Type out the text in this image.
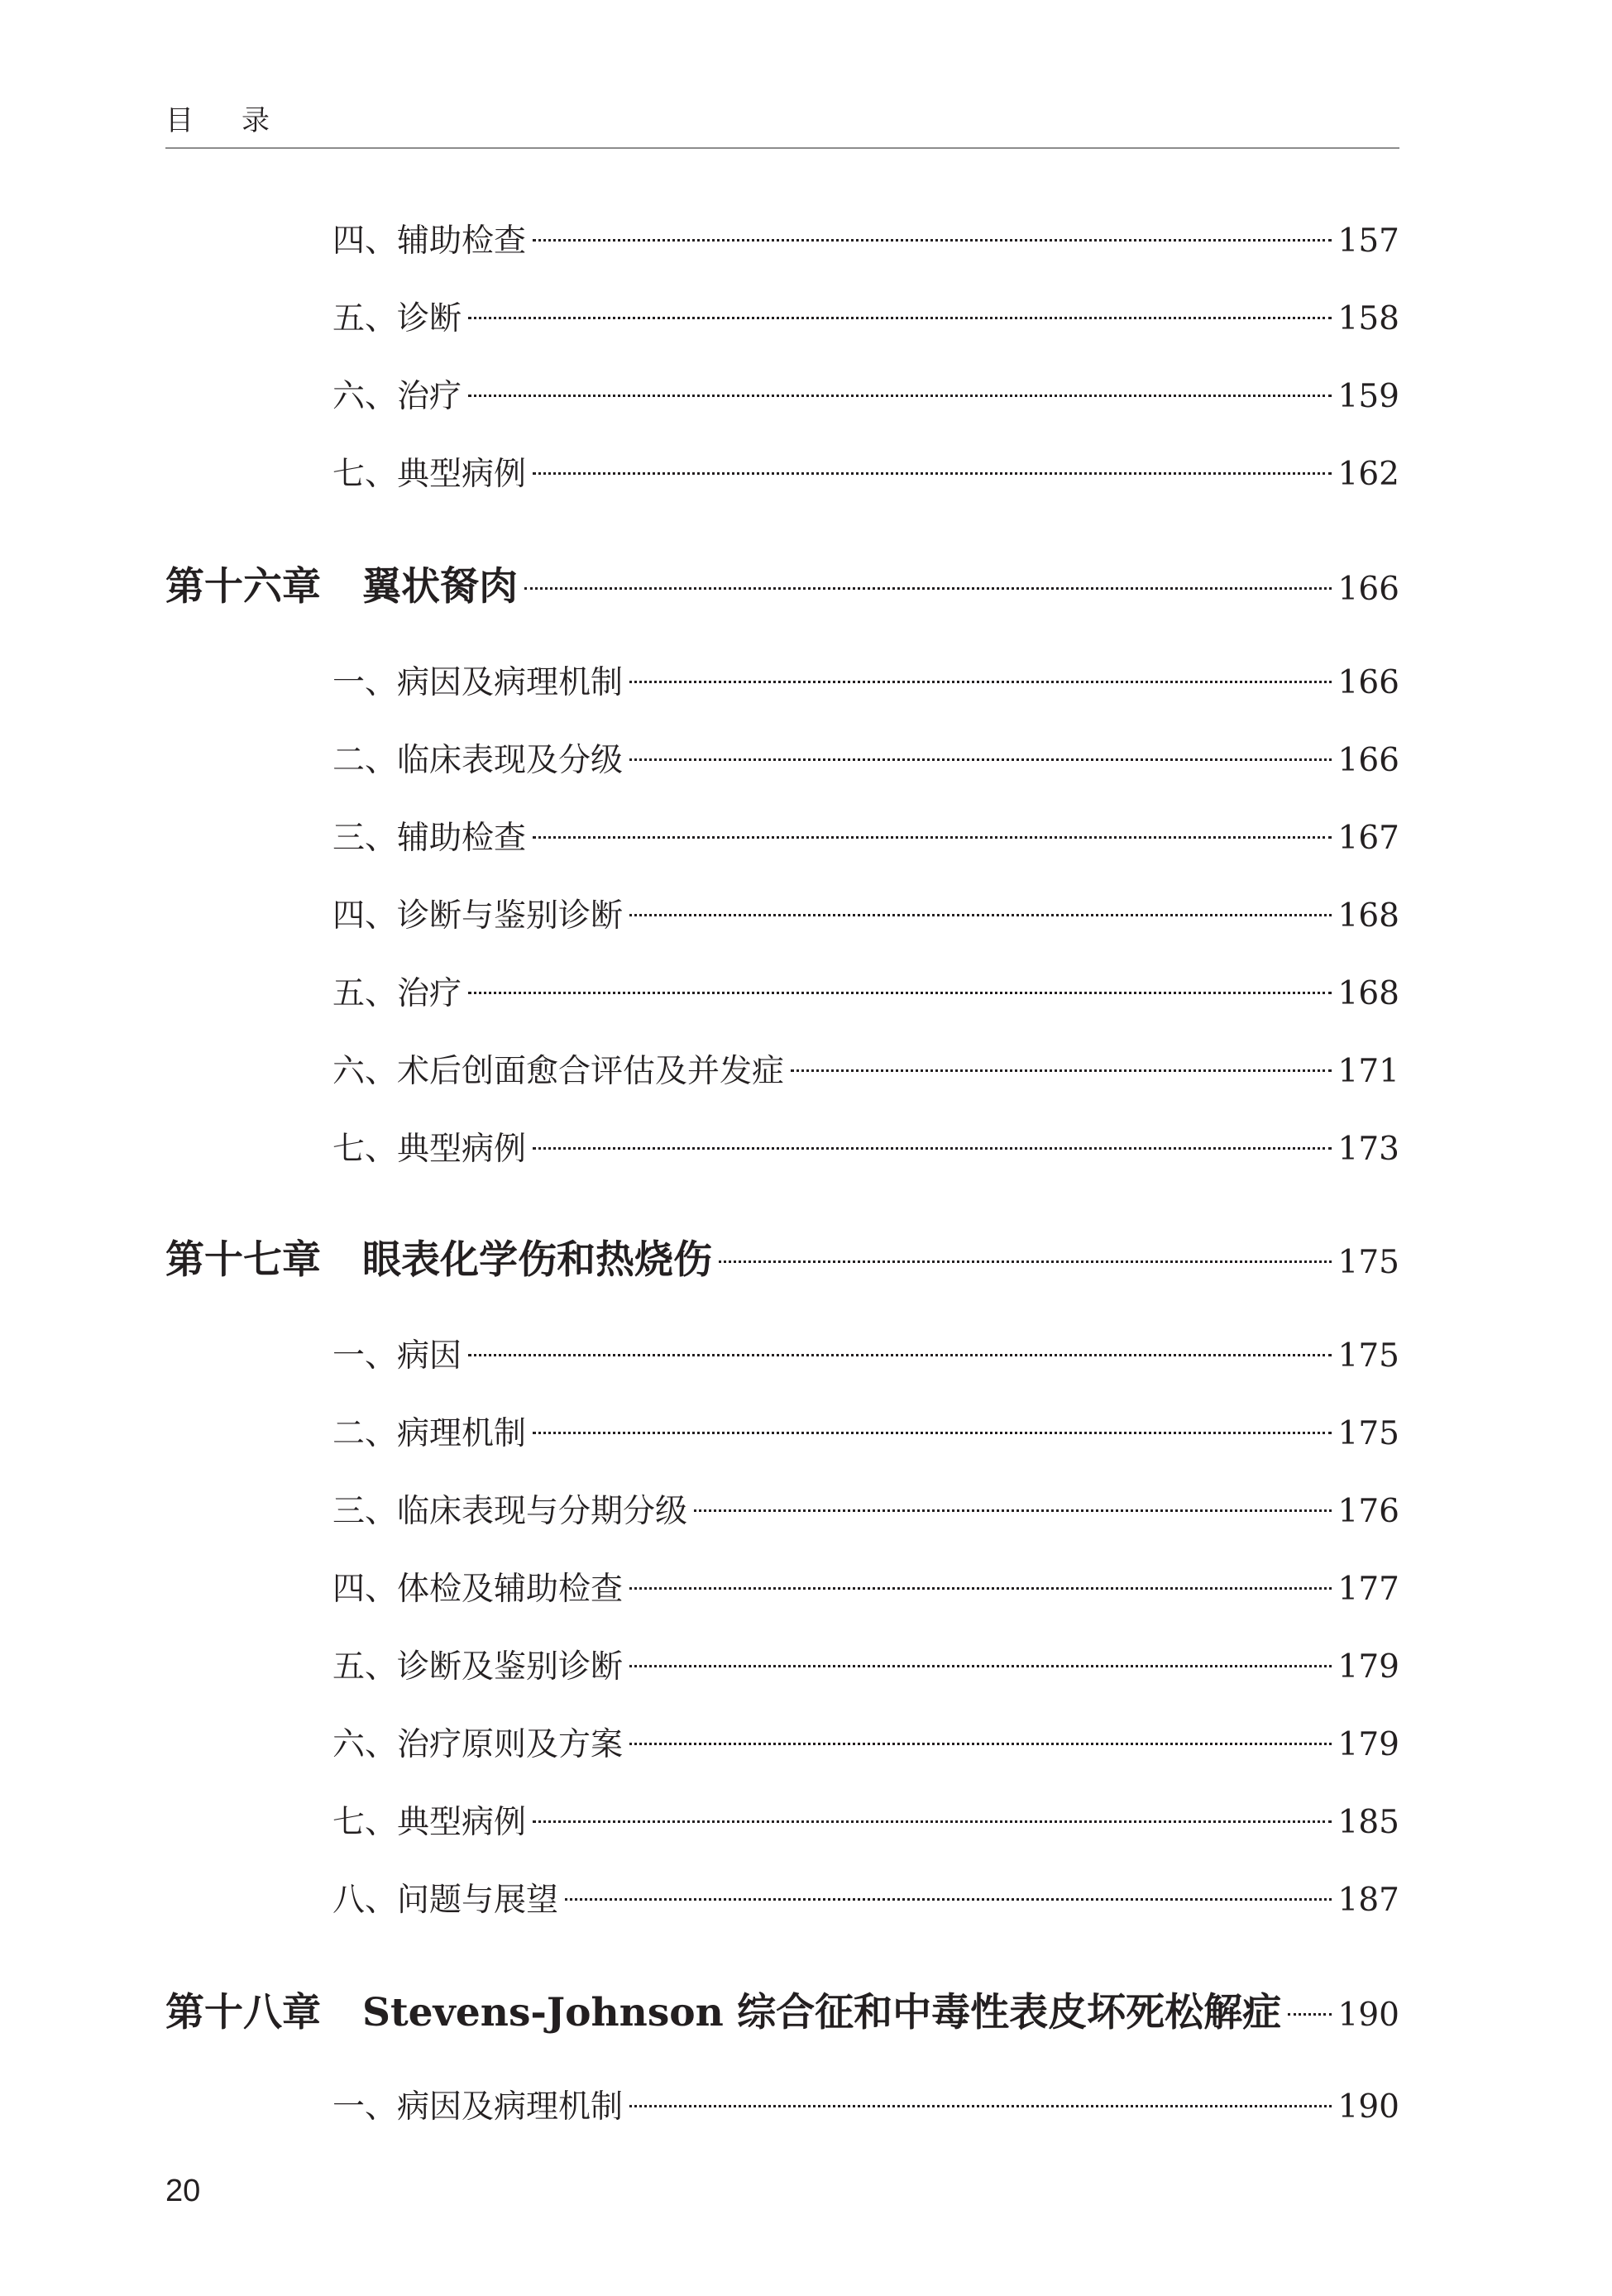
目录
四、辅助检查	157
五、诊断	158
六、治疗	159
七、典型病例	162
第十六章 翼状胬肉	166
一、病因及病理机制	166
二、临床表现及分级	166
三、辅助检查	167
四、诊断与鉴别诊断	168
五、治疗	168
六、术后创面愈合评估及并发症	171
七、典型病例	173
第十七章 眼表化学伤和热烧伤	175
一、病因	175
二、病理机制	175
三、临床表现与分期分级	176
四、体检及辅助检查	177
五、诊断及鉴别诊断	179
六、治疗原则及方案	179
七、典型病例	185
八、问题与展望	187
第十八章 Stevens-Johnson 综合征和中毒性表皮坏死松解症 190
一、病因及病理机制	190
20
